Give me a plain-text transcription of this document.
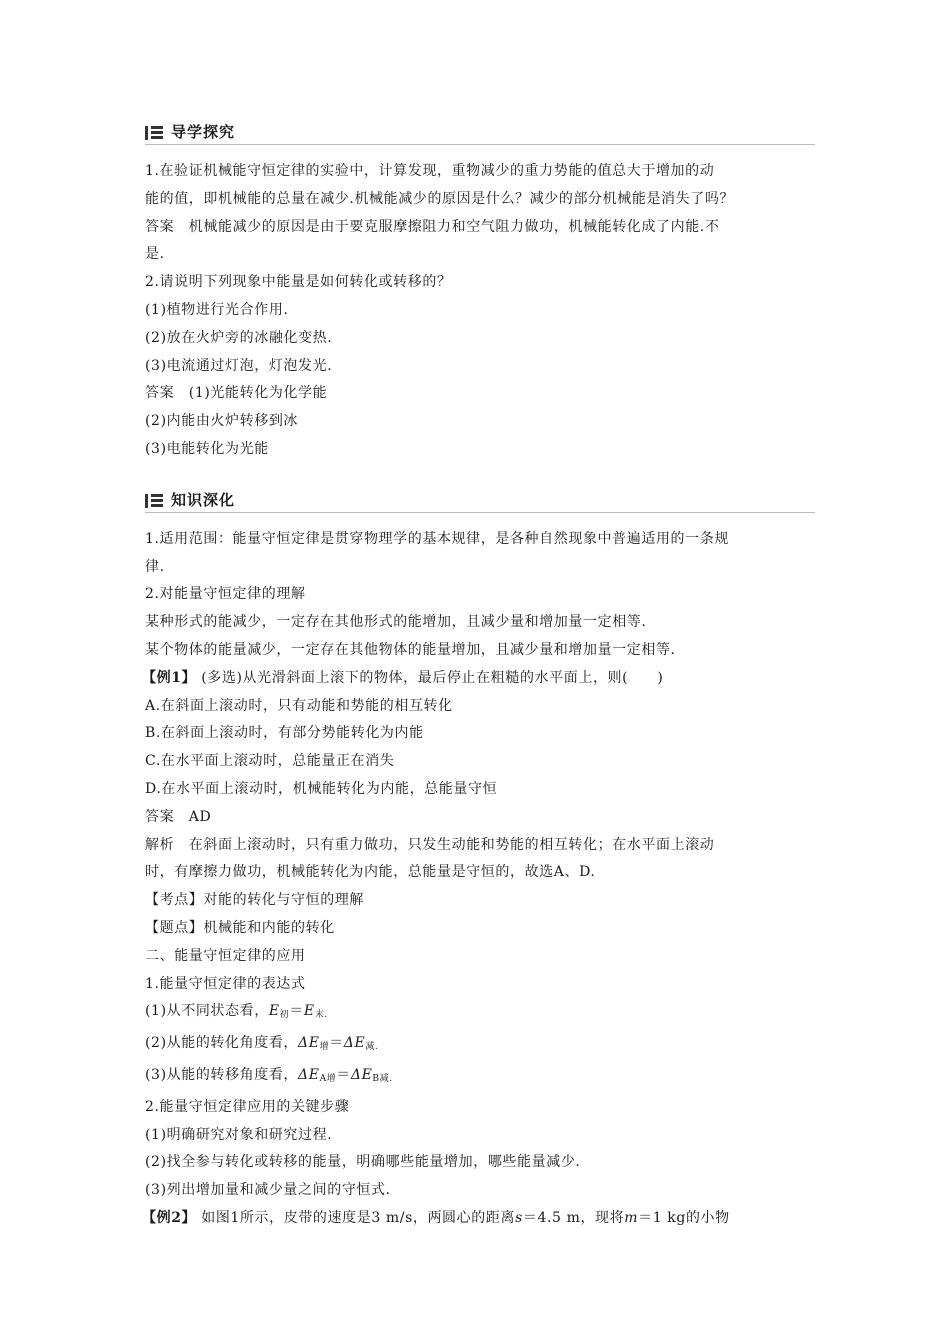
导学探究
1.在验证机械能守恒定律的实验中，计算发现，重物减少的重力势能的值总大于增加的动
能的值，即机械能的总量在减少.机械能减少的原因是什么？减少的部分机械能是消失了吗？
答案　机械能减少的原因是由于要克服摩擦阻力和空气阻力做功，机械能转化成了内能.不
是.
2.请说明下列现象中能量是如何转化或转移的？
(1)植物进行光合作用.
(2)放在火炉旁的冰融化变热.
(3)电流通过灯泡，灯泡发光.
答案　(1)光能转化为化学能
(2)内能由火炉转移到冰
(3)电能转化为光能
知识深化
1.适用范围：能量守恒定律是贯穿物理学的基本规律，是各种自然现象中普遍适用的一条规
律.
2.对能量守恒定律的理解
某种形式的能减少，一定存在其他形式的能增加，且减少量和增加量一定相等.
某个物体的能量减少，一定存在其他物体的能量增加，且减少量和增加量一定相等.
【例1】 (多选)从光滑斜面上滚下的物体，最后停止在粗糙的水平面上，则(　　)
A.在斜面上滚动时，只有动能和势能的相互转化
B.在斜面上滚动时，有部分势能转化为内能
C.在水平面上滚动时，总能量正在消失
D.在水平面上滚动时，机械能转化为内能，总能量守恒
答案　AD
解析　在斜面上滚动时，只有重力做功，只发生动能和势能的相互转化；在水平面上滚动
时，有摩擦力做功，机械能转化为内能，总能量是守恒的，故选A、D.
【考点】对能的转化与守恒的理解
【题点】机械能和内能的转化
二、能量守恒定律的应用
1.能量守恒定律的表达式
(1)从不同状态看，$E_初=E_{末.}$
(2)从能的转化角度看，$\Delta E_增=\Delta E_{减.}$
(3)从能的转移角度看，$\Delta E_{A增}=\Delta E_{B减.}$
2.能量守恒定律应用的关键步骤
(1)明确研究对象和研究过程.
(2)找全参与转化或转移的能量，明确哪些能量增加，哪些能量减少.
(3)列出增加量和减少量之间的守恒式.
【例2】 如图1所示，皮带的速度是3 m/s，两圆心的距离s＝4.5 m，现将m＝1 kg的小物
